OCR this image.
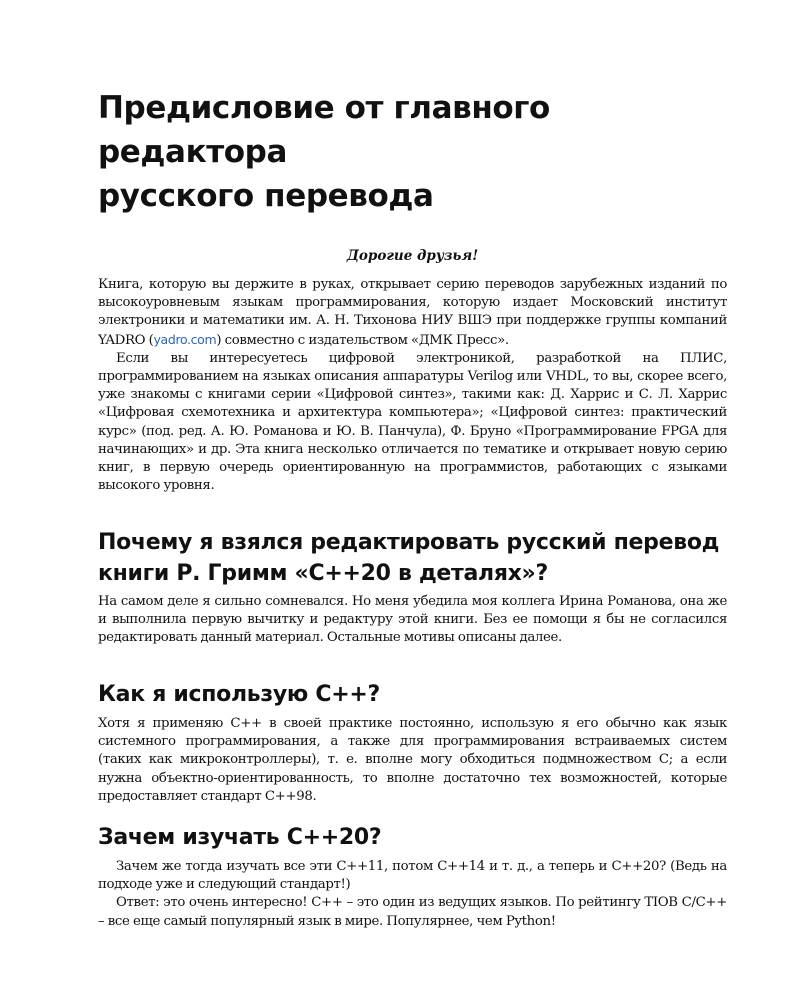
Предисловие от главного редактора
русского перевода

Дорогие друзья!

Книга, которую вы держите в руках, открывает серию переводов зарубежных изданий по высокоуровневым языкам программирования, которую издает Московский институт электроники и математики им. А. Н. Тихонова НИУ ВШЭ при поддержке группы компаний YADRO (yadro.com) совместно с издательством «ДМК Пресс».

Если вы интересуетесь цифровой электроникой, разработкой на ПЛИС, программированием на языках описания аппаратуры Verilog или VHDL, то вы, скорее всего, уже знакомы с книгами серии «Цифровой синтез», такими как: Д. Харрис и С. Л. Харрис «Цифровая схемотехника и архитектура компьютера»; «Цифровой синтез: практический курс» (под. ред. А. Ю. Романова и Ю. В. Панчула), Ф. Бруно «Программирование FPGA для начинающих» и др. Эта книга несколько отличается по тематике и открывает новую серию книг, в первую очередь ориентированную на программистов, работающих с языками высокого уровня.

Почему я взялся редактировать русский перевод
книги Р. Гримм «C++20 в деталях»?

На самом деле я сильно сомневался. Но меня убедила моя коллега Ирина Романова, она же и выполнила первую вычитку и редактуру этой книги. Без ее помощи я бы не согласился редактировать данный материал. Остальные мотивы описаны далее.

Как я использую C++?

Хотя я применяю C++ в своей практике постоянно, использую я его обычно как язык системного программирования, а также для программирования встраиваемых систем (таких как микроконтроллеры), т. е. вполне могу обходиться подмножеством C; а если нужна объектно-ориентированность, то вполне достаточно тех возможностей, которые предоставляет стандарт C++98.

Зачем изучать C++20?

Зачем же тогда изучать все эти C++11, потом C++14 и т. д., а теперь и C++20? (Ведь на подходе уже и следующий стандарт!)

Ответ: это очень интересно! C++ – это один из ведущих языков. По рейтингу TIOB C/C++ – все еще самый популярный язык в мире. Популярнее, чем Python!
